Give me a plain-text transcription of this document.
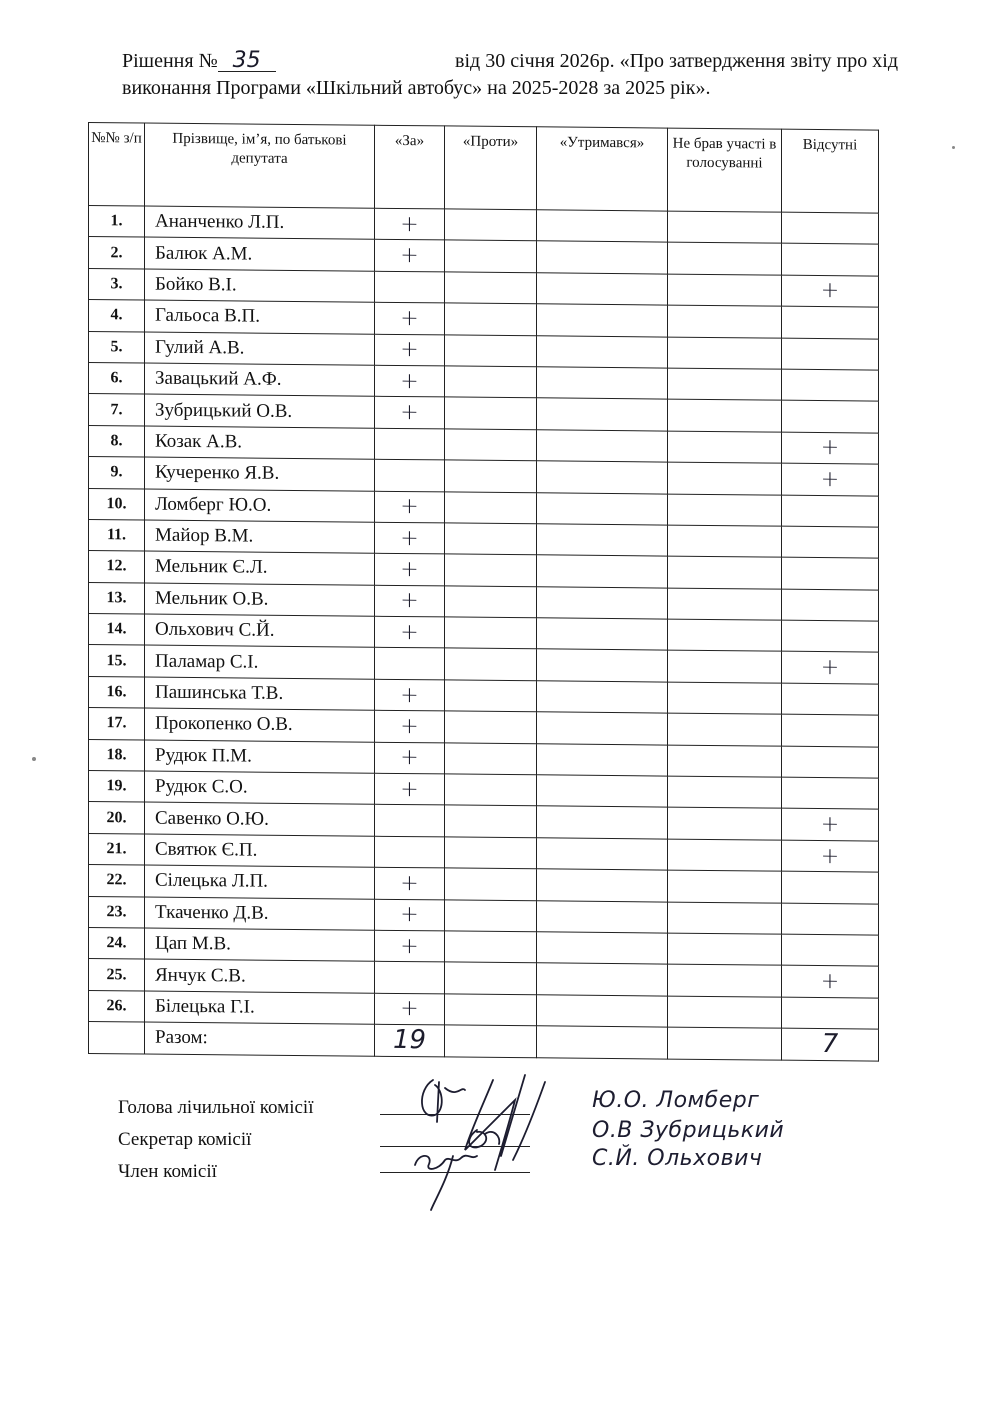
Рішення № 35	від 30 січня 2026р. «Про затвердження звіту про хід
виконання Програми «Шкільний автобус» на 2025-2028 за 2025 рік».
№№ з/п	Прізвище, ім’я, по батькові депутата	«За»	«Проти»	«Утримався»	Не брав участі в голосуванні	Відсутні
1.	Ананченко Л.П.	+				
2.	Балюк А.М.	+				
3.	Бойко В.І.					+
4.	Гальоса В.П.	+				
5.	Гулий А.В.	+				
6.	Завацький А.Ф.	+				
7.	Зубрицький О.В.	+				
8.	Козак А.В.					+
9.	Кучеренко Я.В.					+
10.	Ломберг Ю.О.	+				
11.	Майор В.М.	+				
12.	Мельник Є.Л.	+				
13.	Мельник О.В.	+				
14.	Ольхович С.Й.	+				
15.	Паламар С.І.					+
16.	Пашинська Т.В.	+				
17.	Прокопенко О.В.	+				
18.	Рудюк П.М.	+				
19.	Рудюк С.О.	+				
20.	Савенко О.Ю.					+
21.	Святюк Є.П.					+
22.	Сілецька Л.П.	+				
23.	Ткаченко Д.В.	+				
24.	Цап М.В.	+				
25.	Янчук С.В.					+
26.	Білецька Г.І.	+				
	Разом:	19				7
Голова лічильної комісії
Секретар комісії
Член комісії
Ю.О. Ломберг
О.В Зубрицький
С.Й. Ольхович
